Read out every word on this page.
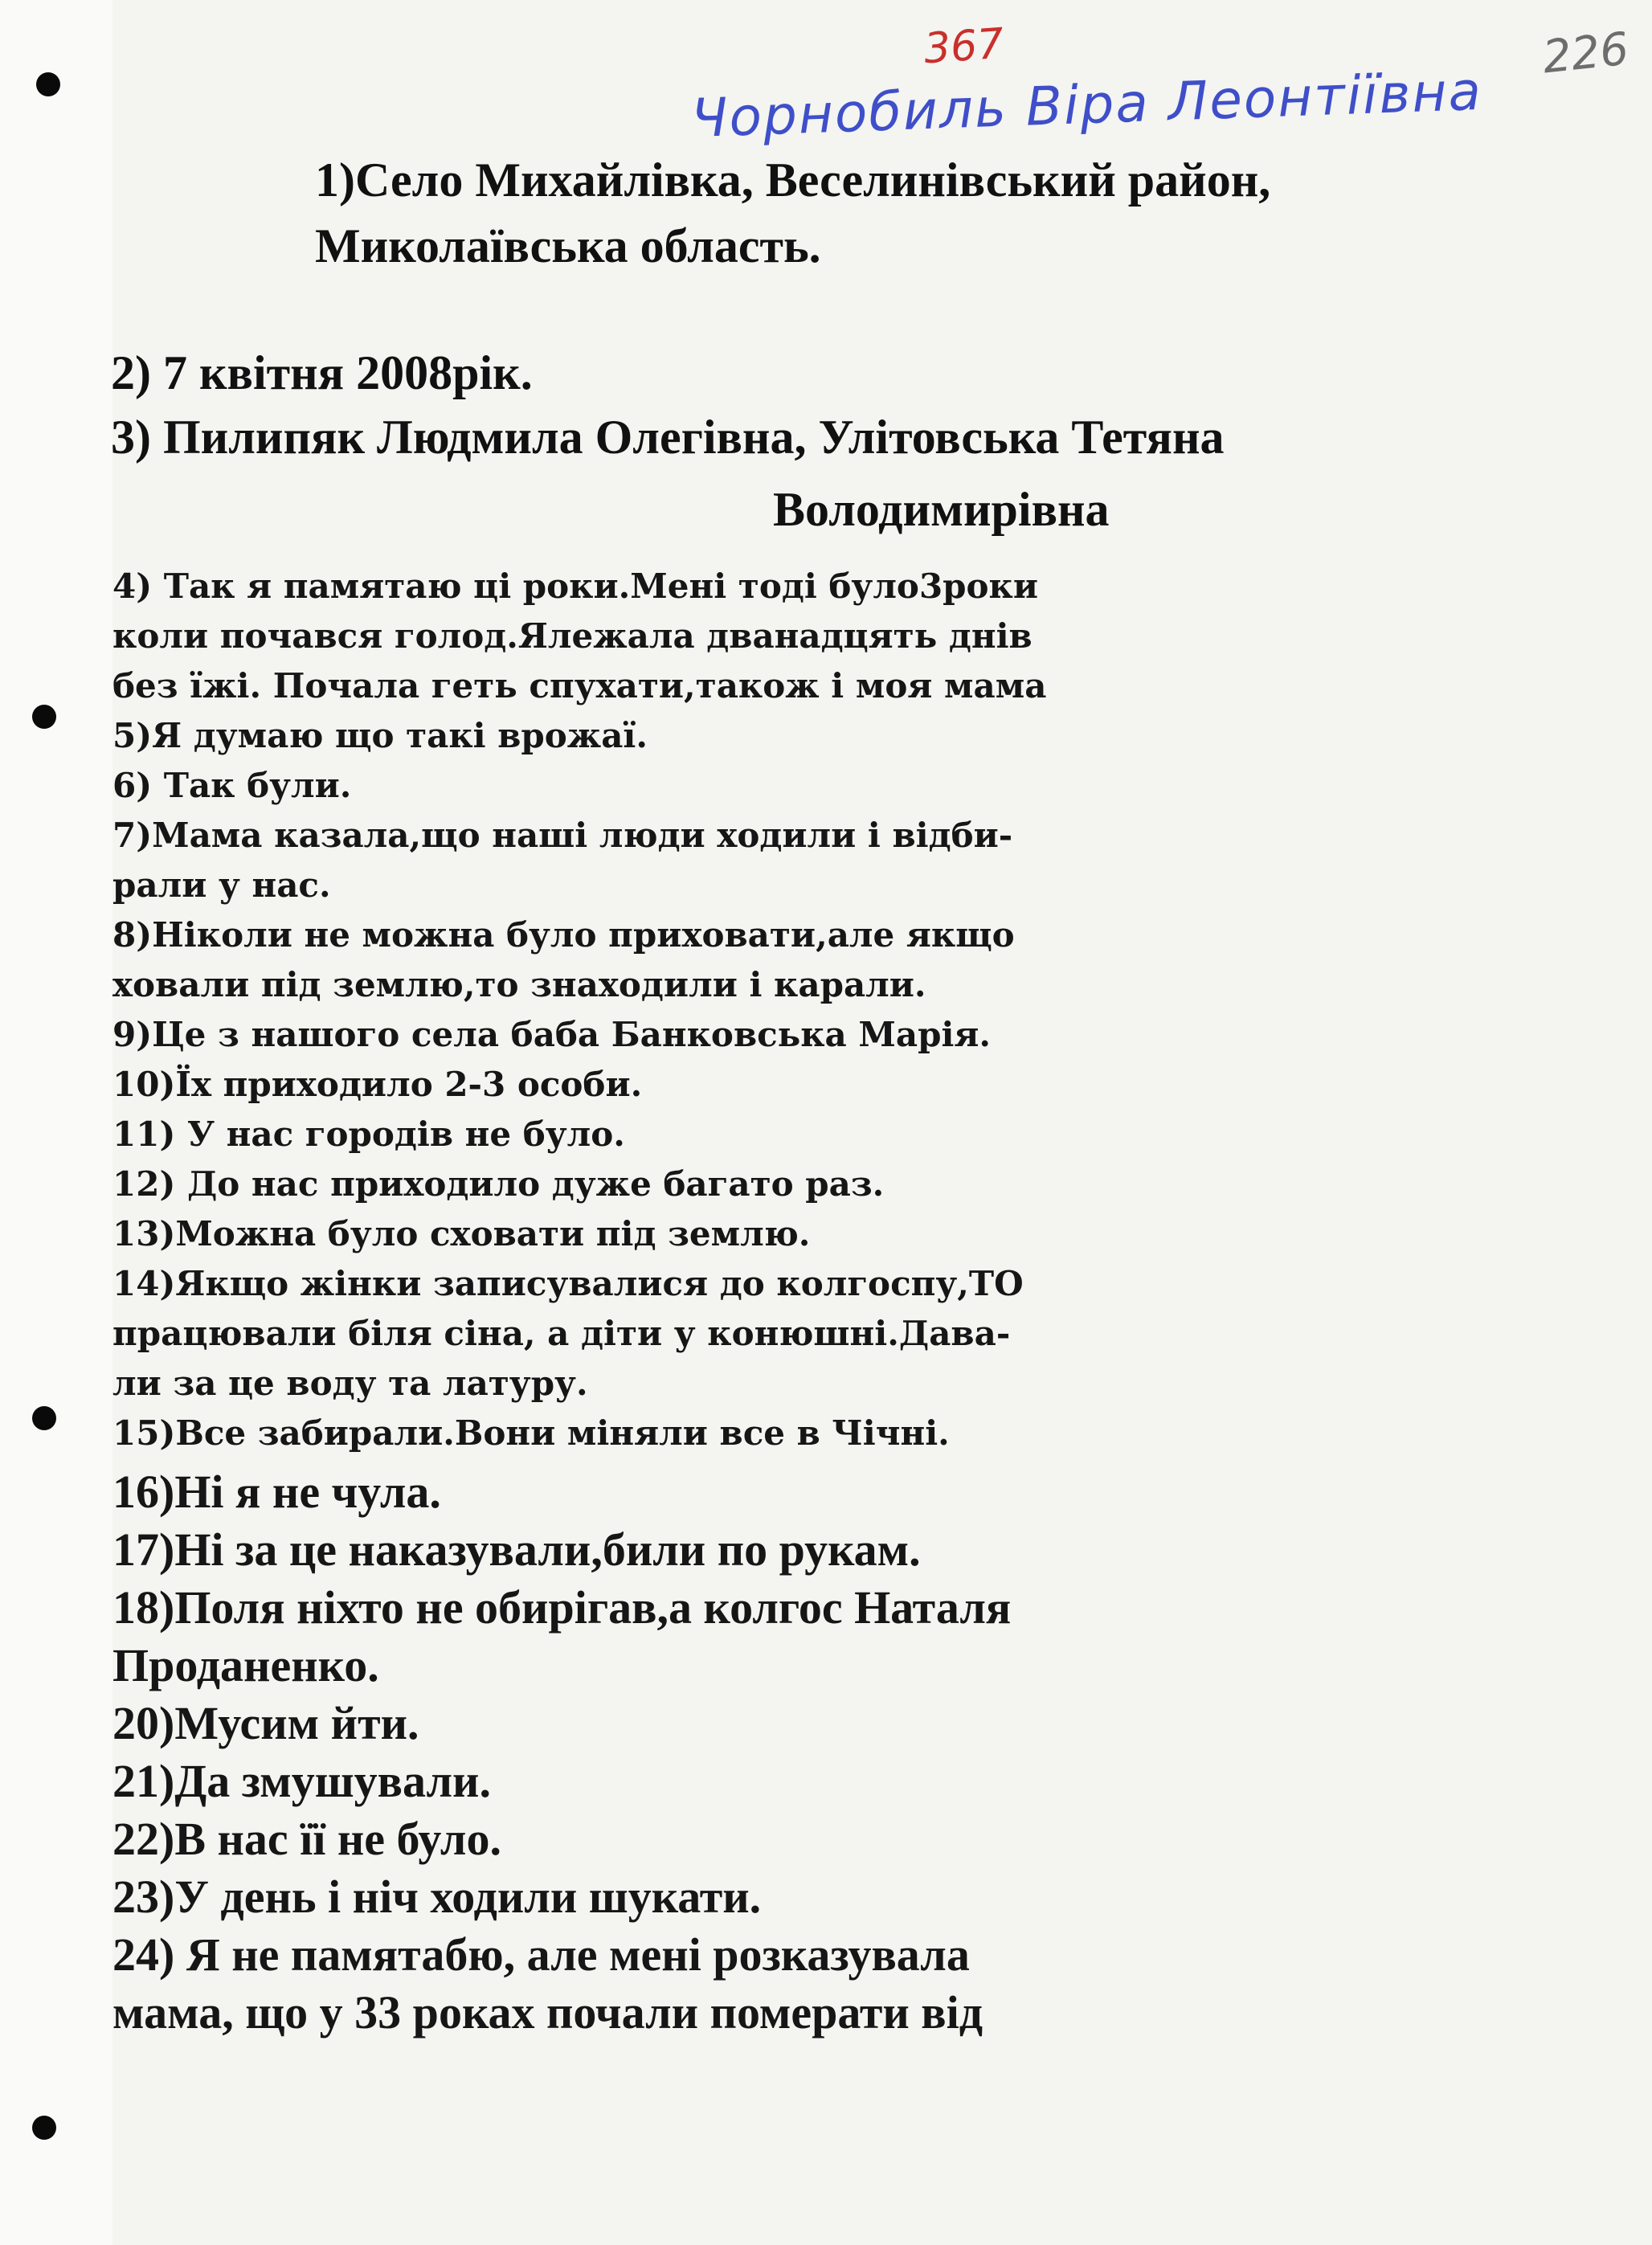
367	226
Чорнобиль Віра Леонтіївна
1)Село Михайлівка, Веселинівський район,
Миколаївська область.
2) 7 квітня 2008рік.
3) Пилипяк Людмила Олегівна, Улітовська Тетяна
Володимирівна
4) Так я памятаю ці роки.Мені тоді було3роки
коли почався голод.Ялежала дванадцять днів
без їжі. Почала геть спухати,також і моя мама
5)Я думаю що такі врожаї.
6) Так були.
7)Мама казала,що наші люди ходили і відби-
рали у нас.
8)Ніколи не можна було приховати,але якщо
ховали під землю,то знаходили і карали.
9)Це з нашого села баба Банковська Марія.
10)Їх приходило 2-3 особи.
11) У нас городів не було.
12) До нас приходило дуже багато раз.
13)Можна було сховати під землю.
14)Якщо жінки записувалися до колгоспу,ТО
працювали біля сіна, а діти у конюшні.Дава-
ли за це воду та латуру.
15)Все забирали.Вони міняли все в Чічні.
16)Ні я не чула.
17)Ні за це наказували,били по рукам.
18)Поля ніхто не обирігав,а колгос Наталя
Проданенко.
20)Мусим йти.
21)Да змушували.
22)В нас її не було.
23)У день і ніч ходили шукати.
24) Я не памятабю, але мені розказувала
мама, що у 33 роках почали померати від
